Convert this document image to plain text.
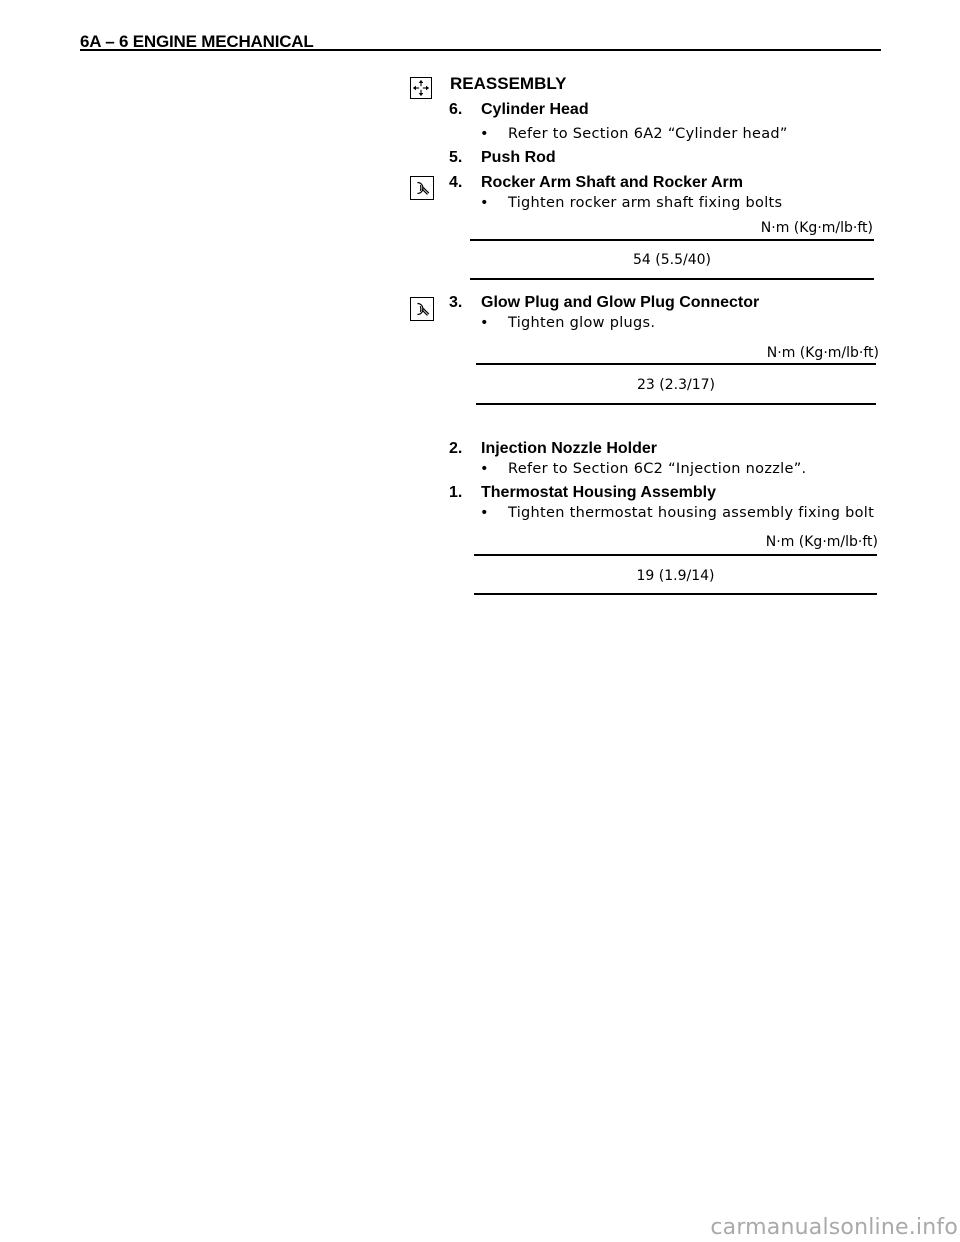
6A – 6 ENGINE MECHANICAL
REASSEMBLY
6. Cylinder Head
• Refer to Section 6A2 “Cylinder head”
5. Push Rod
4. Rocker Arm Shaft and Rocker Arm
• Tighten rocker arm shaft fixing bolts
N·m (Kg·m/lb·ft)
54 (5.5/40)
3. Glow Plug and Glow Plug Connector
• Tighten glow plugs.
N·m (Kg·m/lb·ft)
23 (2.3/17)
2. Injection Nozzle Holder
• Refer to Section 6C2 “Injection nozzle”.
1. Thermostat Housing Assembly
• Tighten thermostat housing assembly fixing bolt
N·m (Kg·m/lb·ft)
19 (1.9/14)
carmanualsonline.info
